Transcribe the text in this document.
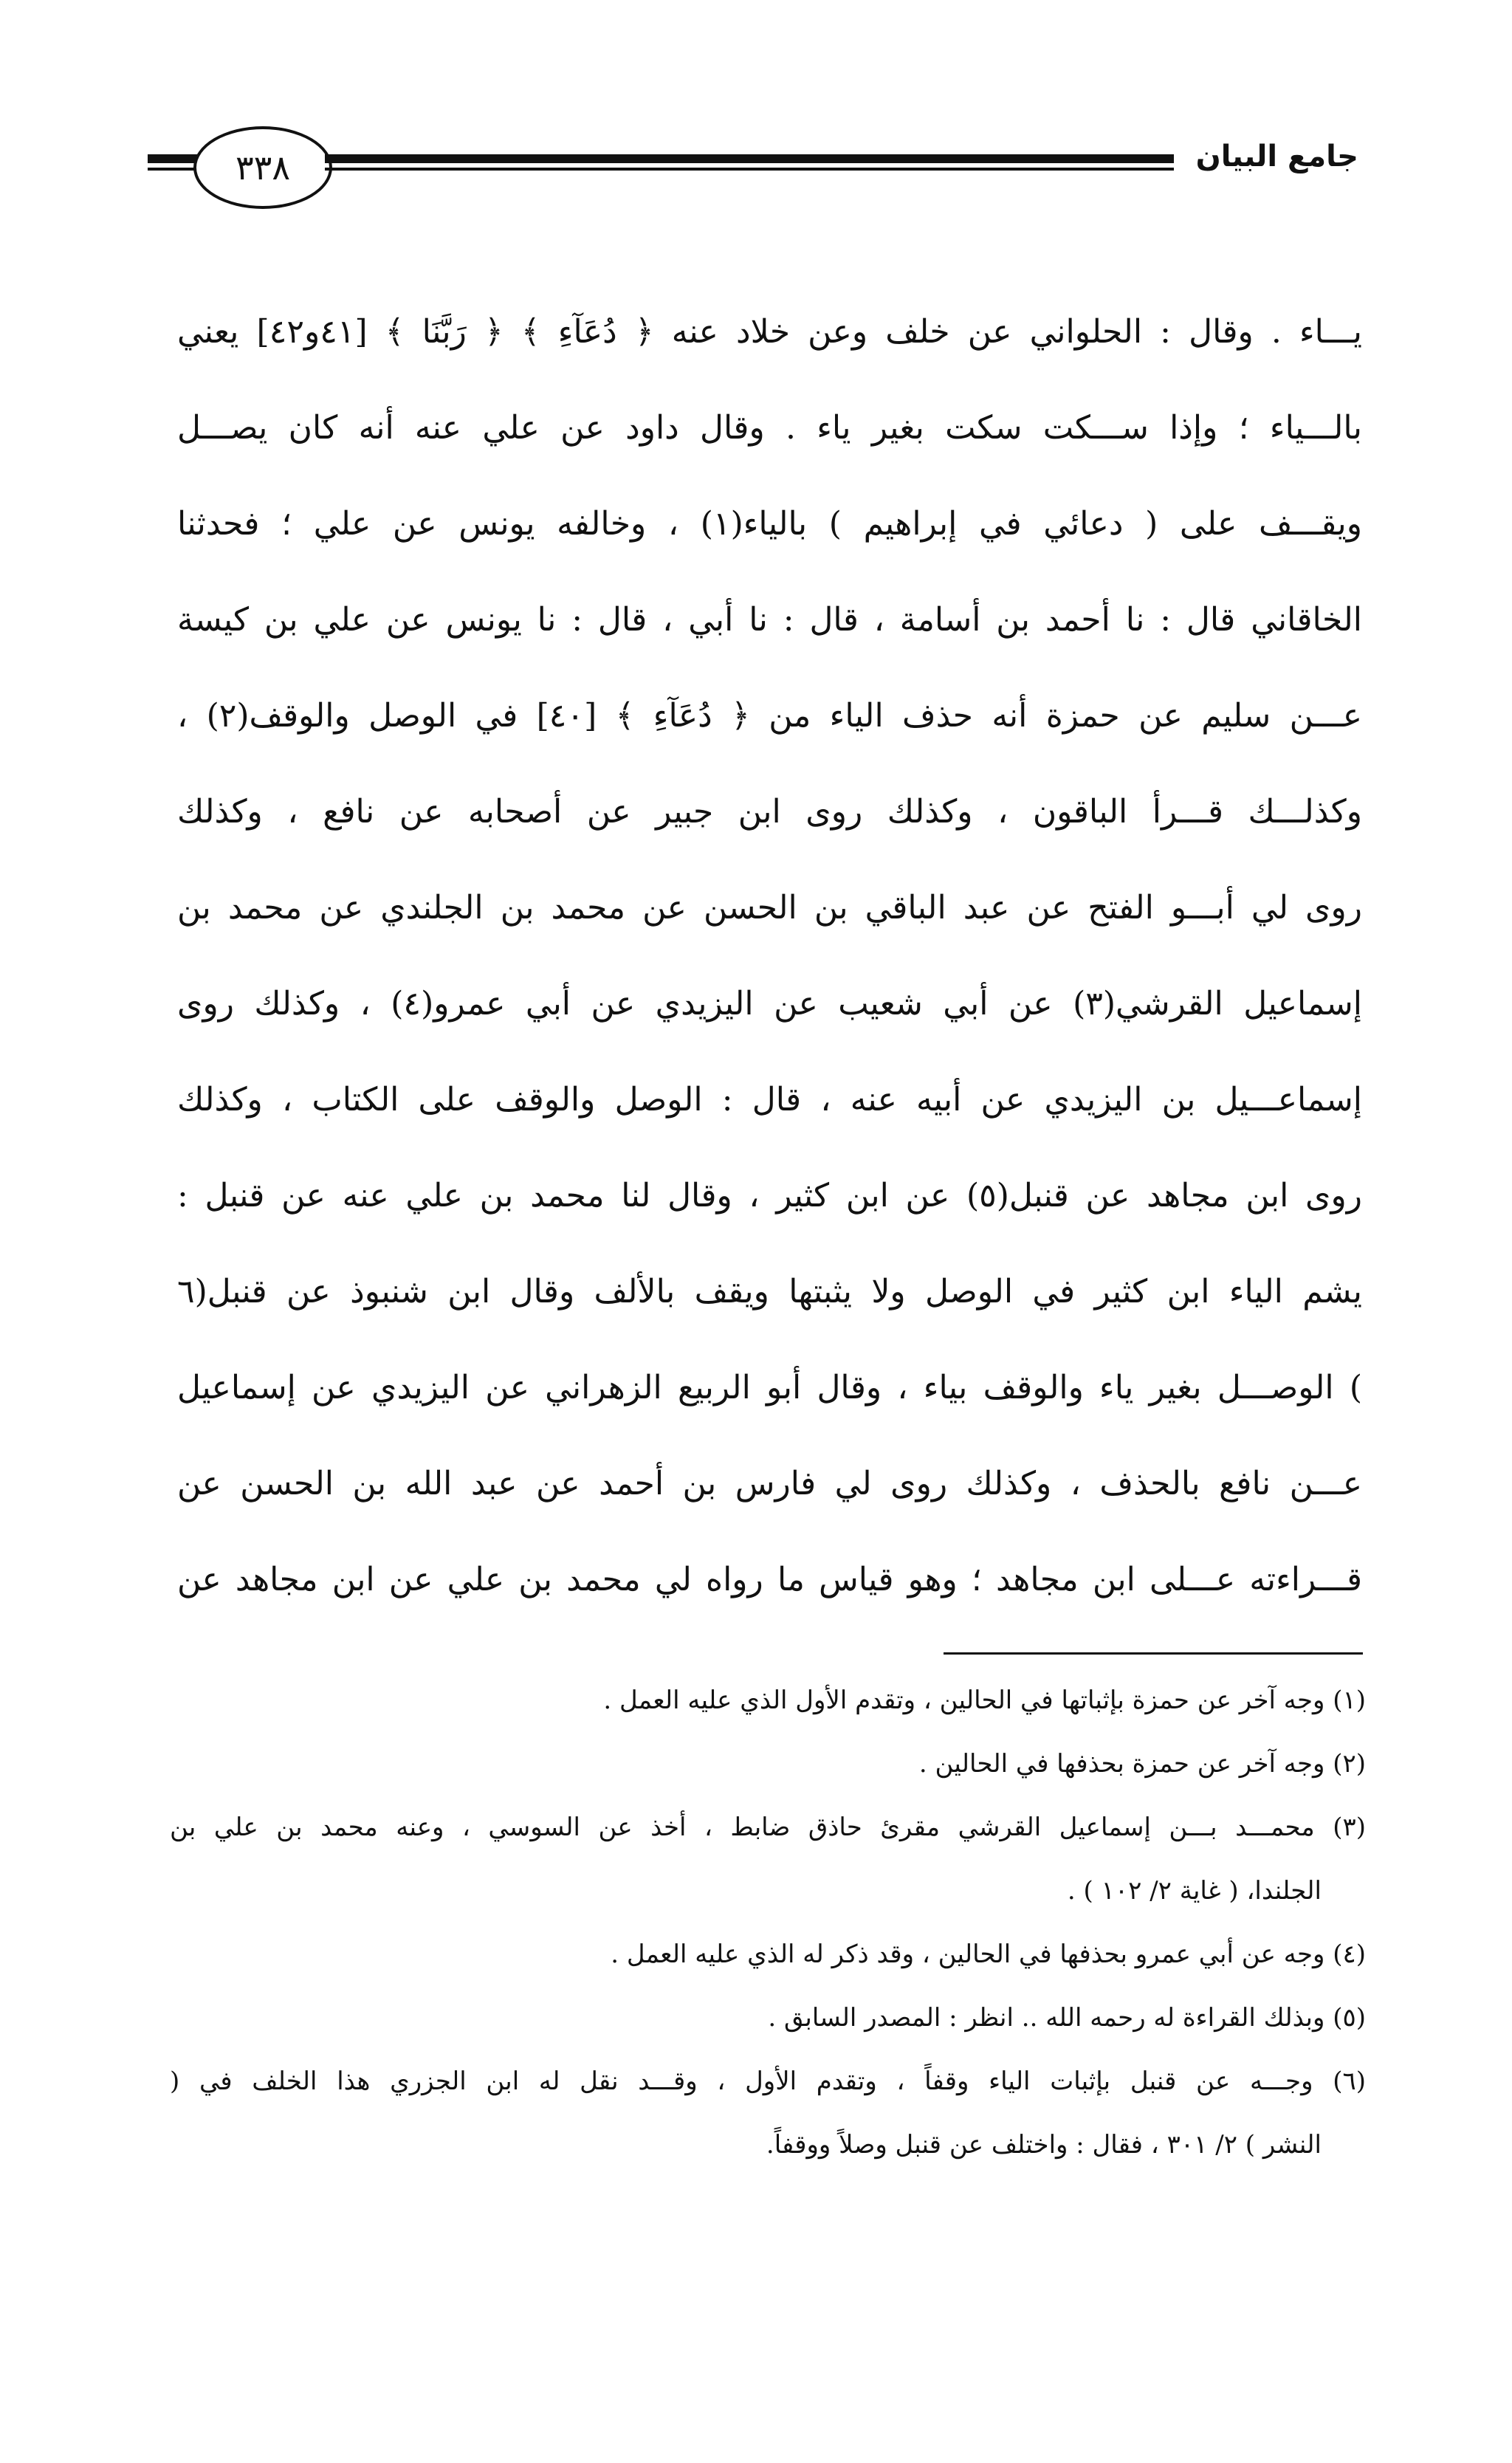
٣٣٨	جامع البيان
يـــاء . وقال : الحلواني عن خلف وعن خلاد عنه ﴿ دُعَآءِ ﴾ ﴿ رَبَّنَا ﴾ [٤١و٤٢] يعني
بالـــياء ؛ وإذا ســـكت سكت بغير ياء . وقال داود عن علي عنه أنه كان يصـــل
ويقـــف على ( دعائي في إبراهيم ) بالياء(١) ، وخالفه يونس عن علي ؛ فحدثنا
الخاقاني قال : نا أحمد بن أسامة ، قال : نا أبي ، قال : نا يونس عن علي بن كيسة
عـــن سليم عن حمزة أنه حذف الياء من ﴿ دُعَآءِ ﴾ [٤٠] في الوصل والوقف(٢) ،
وكذلـــك قـــرأ الباقون ، وكذلك روى ابن جبير عن أصحابه عن نافع ، وكذلك
روى لي أبـــو الفتح عن عبد الباقي بن الحسن عن محمد بن الجلندي عن محمد بن
إسماعيل القرشي(٣) عن أبي شعيب عن اليزيدي عن أبي عمرو(٤) ، وكذلك روى
إسماعـــيل بن اليزيدي عن أبيه عنه ، قال : الوصل والوقف على الكتاب ، وكذلك
روى ابن مجاهد عن قنبل(٥) عن ابن كثير ، وقال لنا محمد بن علي عنه عن قنبل :
يشم الياء ابن كثير في الوصل ولا يثبتها ويقف بالألف وقال ابن شنبوذ عن قنبل(٦
) الوصـــل بغير ياء والوقف بياء ، وقال أبو الربيع الزهراني عن اليزيدي عن إسماعيل
عـــن نافع بالحذف ، وكذلك روى لي فارس بن أحمد عن عبد الله بن الحسن عن
قـــراءته عـــلى ابن مجاهد ؛ وهو قياس ما رواه لي محمد بن علي عن ابن مجاهد عن
(١) وجه آخر عن حمزة بإثباتها في الحالين ، وتقدم الأول الذي عليه العمل .
(٢) وجه آخر عن حمزة بحذفها في الحالين .
(٣) محمـــد بـــن إسماعيل القرشي مقرئ حاذق ضابط ، أخذ عن السوسي ، وعنه محمد بن علي بن
الجلندا، ( غاية ٢/ ١٠٢ ) .
(٤) وجه عن أبي عمرو بحذفها في الحالين ، وقد ذكر له الذي عليه العمل .
(٥) وبذلك القراءة له رحمه الله .. انظر : المصدر السابق .
(٦) وجـــه عن قنبل بإثبات الياء وقفاً ، وتقدم الأول ، وقـــد نقل له ابن الجزري هذا الخلف في (
النشر ) ٢/ ٣٠١ ، فقال : واختلف عن قنبل وصلاً ووقفاً.
